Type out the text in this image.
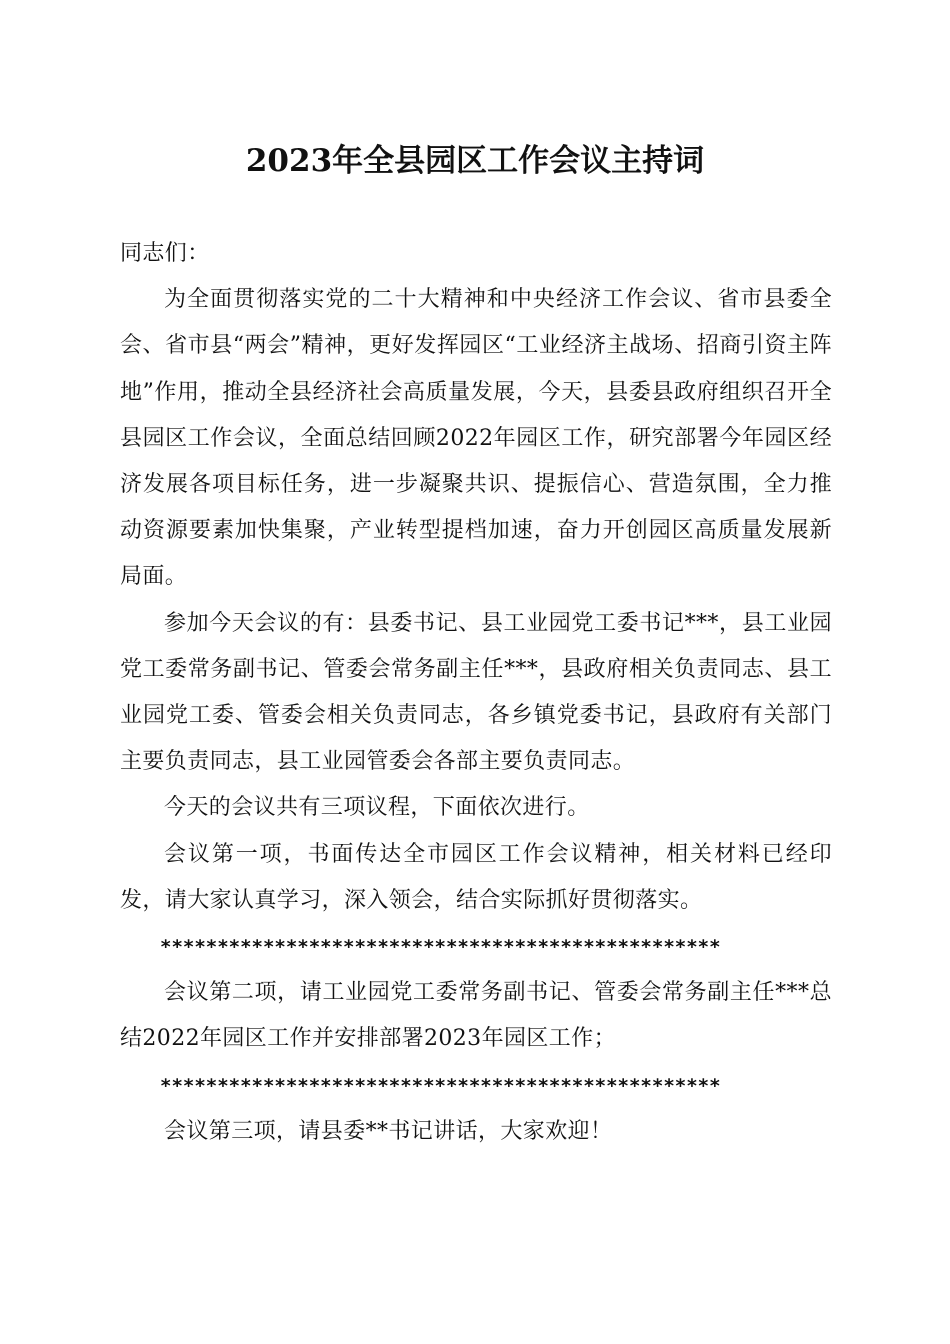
2023年全县园区工作会议主持词

同志们：

为全面贯彻落实党的二十大精神和中央经济工作会议、省市县委全会、省市县“两会”精神，更好发挥园区“工业经济主战场、招商引资主阵地”作用，推动全县经济社会高质量发展，今天，县委县政府组织召开全县园区工作会议，全面总结回顾2022年园区工作，研究部署今年园区经济发展各项目标任务，进一步凝聚共识、提振信心、营造氛围，全力推动资源要素加快集聚，产业转型提档加速，奋力开创园区高质量发展新局面。

参加今天会议的有：县委书记、县工业园党工委书记***，县工业园党工委常务副书记、管委会常务副主任***，县政府相关负责同志、县工业园党工委、管委会相关负责同志，各乡镇党委书记，县政府有关部门主要负责同志，县工业园管委会各部主要负责同志。

今天的会议共有三项议程，下面依次进行。

会议第一项，书面传达全市园区工作会议精神，相关材料已经印发，请大家认真学习，深入领会，结合实际抓好贯彻落实。

*************************************************

会议第二项，请工业园党工委常务副书记、管委会常务副主任***总结2022年园区工作并安排部署2023年园区工作；

*************************************************

会议第三项，请县委**书记讲话，大家欢迎！
